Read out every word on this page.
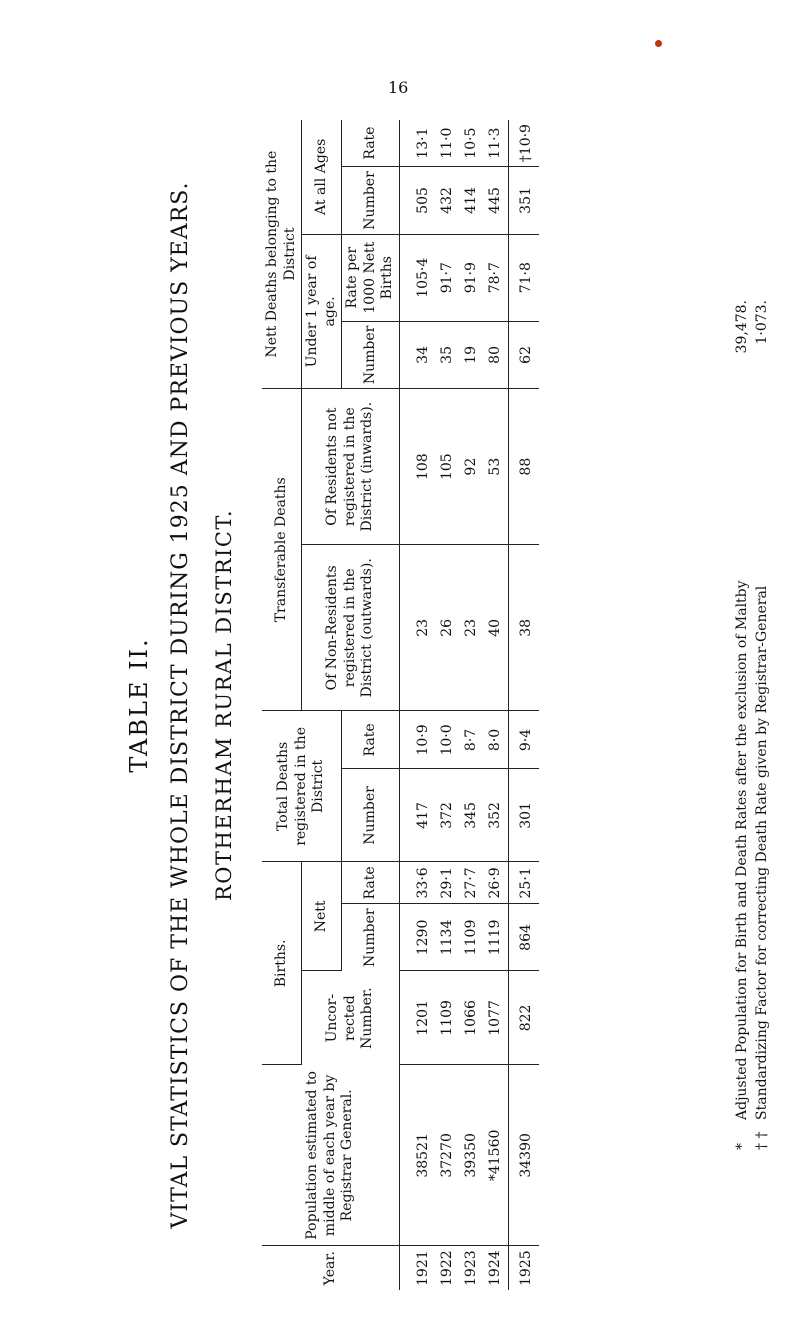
16
TABLE II. VITAL STATISTICS OF THE WHOLE DISTRICT DURING 1925 AND PREVIOUS YEARS. ROTHERHAM RURAL DISTRICT.
Year.	Population estimated to middle of each year by Registrar General.	Births.			Total Deaths registered in the District		Transferable Deaths		Nett Deaths belonging to the District			
		Uncor-rected Number.	Nett				Of Non-Residents registered in the District (outwards).	Of Residents not registered in the District (inwards).	Under 1 year of age.		At all Ages	
			Number	Rate	Number	Rate			Number	Rate per 1000 Nett Births	Number	Rate
1921	38521	1201	1290	33·6	417	10·9	23	108	34	105·4	505	13·1
1922	37270	1109	1134	29·1	372	10·0	26	105	35	91·7	432	11·0
1923	39350	1066	1109	27·7	345	8·7	23	92	19	91·9	414	10·5
1924	*41560	1077	1119	26·9	352	8·0	40	53	80	78·7	445	11·3
1925	34390	822	864	25·1	301	9·4	38	88	62	71·8	351	†10·9
*
Adjusted Population for Birth and Death Rates after the exclusion of Maltby
39,478.
† †
Standardizing Factor for correcting Death Rate given by Registrar-General
1·073.
